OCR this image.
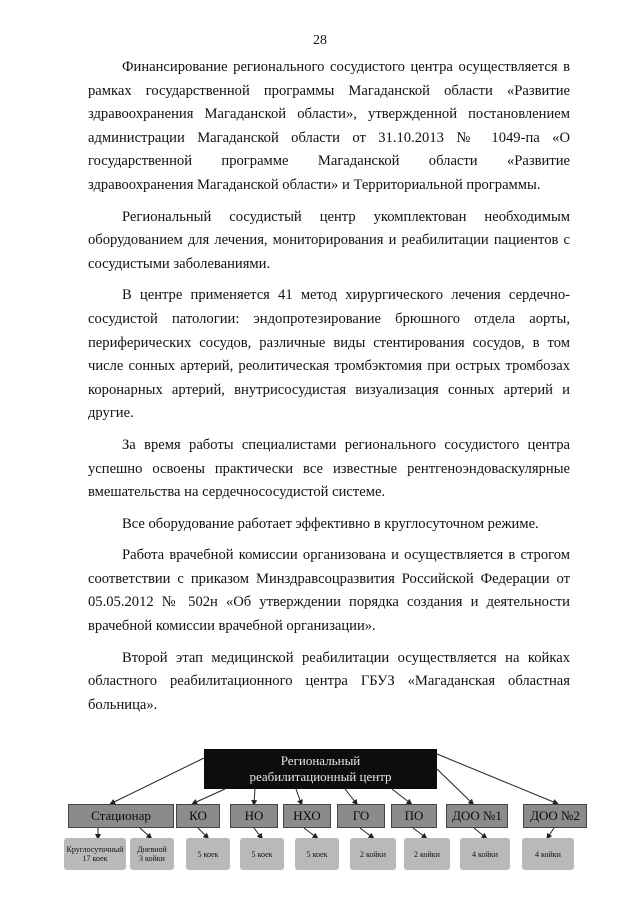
28

Финансирование регионального сосудистого центра осуществляется в рамках государственной программы Магаданской области «Развитие здравоохранения Магаданской области», утвержденной постановлением администрации Магаданской области от 31.10.2013 № 1049-па «О государственной программе Магаданской области «Развитие здравоохранения Магаданской области» и Территориальной программы.

Региональный сосудистый центр укомплектован необходимым оборудованием для лечения, мониторирования и реабилитации пациентов с сосудистыми заболеваниями.

В центре применяется 41 метод хирургического лечения сердечно-сосудистой патологии: эндопротезирование брюшного отдела аорты, периферических сосудов, различные виды стентирования сосудов, в том числе сонных артерий, реолитическая тромбэктомия при острых тромбозах коронарных артерий, внутрисосудистая визуализация сонных артерий и другие.

За время работы специалистами регионального сосудистого центра успешно освоены практически все известные рентгеноэндоваскулярные вмешательства на сердечнососудистой системе.

Все оборудование работает эффективно в круглосуточном режиме.

Работа врачебной комиссии организована и осуществляется в строгом соответствии с приказом Минздравсоцразвития Российской Федерации от 05.05.2012 № 502н «Об утверждении порядка создания и деятельности врачебной комиссии врачебной организации».

Второй этап медицинской реабилитации осуществляется на койках областного реабилитационного центра ГБУЗ «Магаданская областная больница».

Региональный
реабилитационный центр
Стационар	КО	НО	НХО	ГО	ПО	ДОО №1	ДОО №2
Круглосуточный
17 коек
Дневной
3 койки	5 коек	5 коек	5 коек	2 койки	2 койки	4 койки	4 койки
